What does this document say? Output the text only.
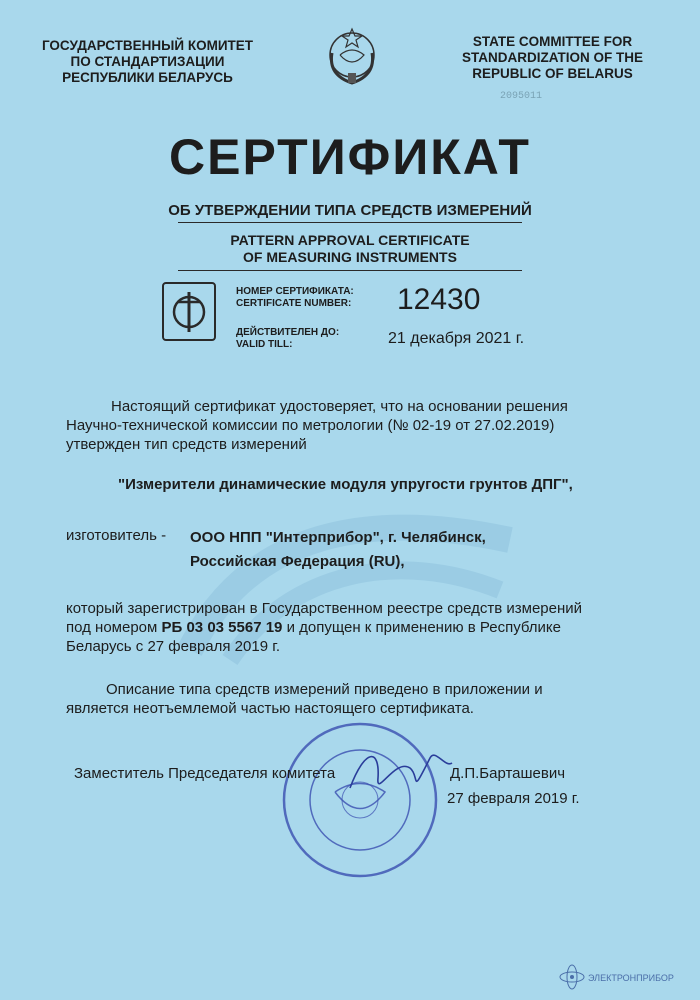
ГОСУДАРСТВЕННЫЙ КОМИТЕТ
ПО СТАНДАРТИЗАЦИИ
РЕСПУБЛИКИ БЕЛАРУСЬ
STATE COMMITTEE FOR
STANDARDIZATION OF THE
REPUBLIC OF BELARUS
2095011
СЕРТИФИКАТ
ОБ УТВЕРЖДЕНИИ ТИПА СРЕДСТВ ИЗМЕРЕНИЙ
PATTERN APPROVAL CERTIFICATE
OF MEASURING INSTRUMENTS
НОМЕР СЕРТИФИКАТА:
CERTIFICATE NUMBER: 12430
ДЕЙСТВИТЕЛЕН ДО:
VALID TILL:	21 декабря 2021 г.
Настоящий сертификат удостоверяет, что на основании решения
Научно-технической комиссии по метрологии (№ 02-19 от 27.02.2019)
утвержден тип средств измерений
"Измерители динамические модуля упругости грунтов ДПГ",
изготовитель - ООО НПП "Интерприбор", г. Челябинск,
Российская Федерация (RU),
который зарегистрирован в Государственном реестре средств измерений
под номером РБ 03 03 5567 19 и допущен к применению в Республике
Беларусь с 27 февраля 2019 г.
Описание типа средств измерений приведено в приложении и
является неотъемлемой частью настоящего сертификата.
Заместитель Председателя комитета	Д.П.Барташевич
27 февраля 2019 г.
ЭЛЕКТРОНПРИБОР
